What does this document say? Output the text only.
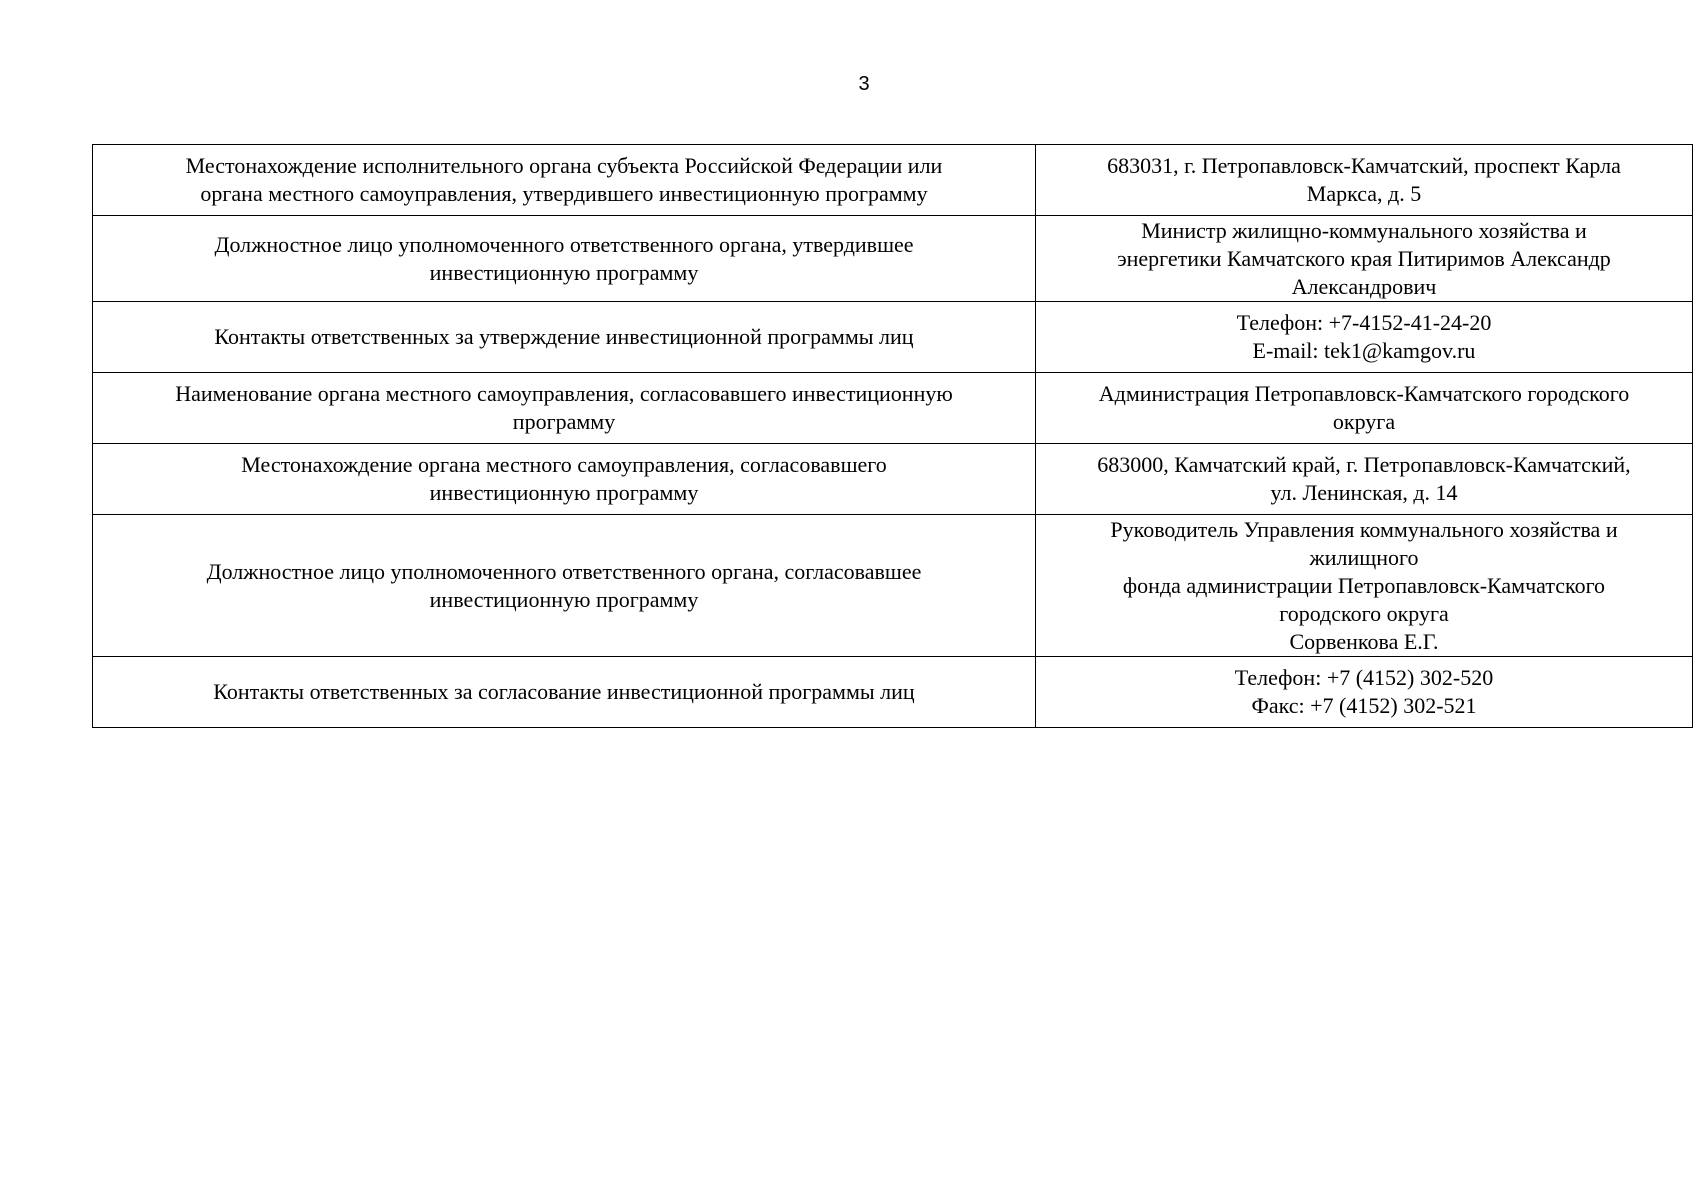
3
Местонахождение исполнительного органа субъекта Российской Федерации или
органа местного самоуправления, утвердившего инвестиционную программу	683031, г. Петропавловск-Камчатский, проспект Карла
Маркса, д. 5

Должностное лицо уполномоченного ответственного органа, утвердившее
инвестиционную программу	Министр жилищно-коммунального хозяйства и
энергетики Камчатского края Питиримов Александр
Александрович

Контакты ответственных за утверждение инвестиционной программы лиц	Телефон: +7-4152-41-24-20
E-mail: tek1@kamgov.ru

Наименование органа местного самоуправления, согласовавшего инвестиционную
программу	Администрация Петропавловск-Камчатского городского
округа

Местонахождение органа местного самоуправления, согласовавшего
инвестиционную программу	683000, Камчатский край, г. Петропавловск-Камчатский,
ул. Ленинская, д. 14

Должностное лицо уполномоченного ответственного органа, согласовавшее
инвестиционную программу	Руководитель Управления коммунального хозяйства и
жилищного
фонда администрации Петропавловск-Камчатского
городского округа
Сорвенкова Е.Г.

Контакты ответственных за согласование инвестиционной программы лиц	Телефон: +7 (4152) 302-520
Факс: +7 (4152) 302-521
